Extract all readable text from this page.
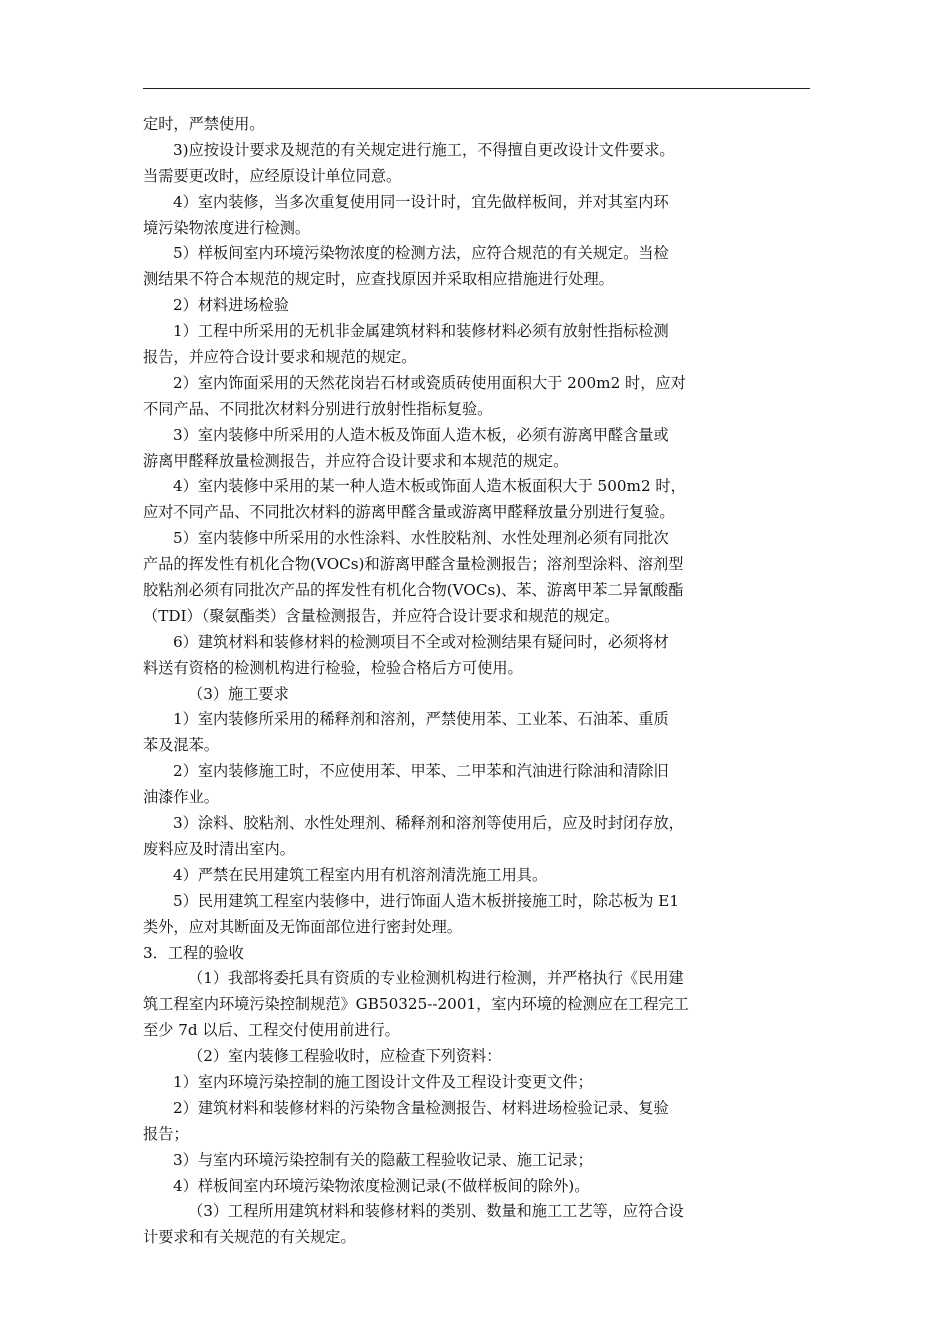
定时，严禁使用。
3)应按设计要求及规范的有关规定进行施工，不得擅自更改设计文件要求。
当需要更改时，应经原设计单位同意。
4）室内装修，当多次重复使用同一设计时，宜先做样板间，并对其室内环
境污染物浓度进行检测。
5）样板间室内环境污染物浓度的检测方法，应符合规范的有关规定。当检
测结果不符合本规范的规定时，应查找原因并采取相应措施进行处理。
2）材料进场检验
1）工程中所采用的无机非金属建筑材料和装修材料必须有放射性指标检测
报告，并应符合设计要求和规范的规定。
2）室内饰面采用的天然花岗岩石材或瓷质砖使用面积大于 200m2 时，应对
不同产品、不同批次材料分别进行放射性指标复验。
3）室内装修中所采用的人造木板及饰面人造木板，必须有游离甲醛含量或
游离甲醛释放量检测报告，并应符合设计要求和本规范的规定。
4）室内装修中采用的某一种人造木板或饰面人造木板面积大于 500m2 时，
应对不同产品、不同批次材料的游离甲醛含量或游离甲醛释放量分别进行复验。
5）室内装修中所采用的水性涂料、水性胶粘剂、水性处理剂必须有同批次
产品的挥发性有机化合物(VOCs)和游离甲醛含量检测报告；溶剂型涂料、溶剂型
胶粘剂必须有同批次产品的挥发性有机化合物(VOCs)、苯、游离甲苯二异氰酸酯
（TDI）（聚氨酯类）含量检测报告，并应符合设计要求和规范的规定。
6）建筑材料和装修材料的检测项目不全或对检测结果有疑问时，必须将材
料送有资格的检测机构进行检验，检验合格后方可使用。
（3）施工要求
1）室内装修所采用的稀释剂和溶剂，严禁使用苯、工业苯、石油苯、重质
苯及混苯。
2）室内装修施工时，不应使用苯、甲苯、二甲苯和汽油进行除油和清除旧
油漆作业。
3）涂料、胶粘剂、水性处理剂、稀释剂和溶剂等使用后，应及时封闭存放，
废料应及时清出室内。
4）严禁在民用建筑工程室内用有机溶剂清洗施工用具。
5）民用建筑工程室内装修中，进行饰面人造木板拼接施工时，除芯板为 E1
类外，应对其断面及无饰面部位进行密封处理。
3．工程的验收
（1）我部将委托具有资质的专业检测机构进行检测，并严格执行《民用建
筑工程室内环境污染控制规范》GB50325--2001，室内环境的检测应在工程完工
至少 7d 以后、工程交付使用前进行。
（2）室内装修工程验收时，应检查下列资料：
1）室内环境污染控制的施工图设计文件及工程设计变更文件；
2）建筑材料和装修材料的污染物含量检测报告、材料进场检验记录、复验
报告；
3）与室内环境污染控制有关的隐蔽工程验收记录、施工记录；
4）样板间室内环境污染物浓度检测记录(不做样板间的除外)。
（3）工程所用建筑材料和装修材料的类别、数量和施工工艺等，应符合设
计要求和有关规范的有关规定。
